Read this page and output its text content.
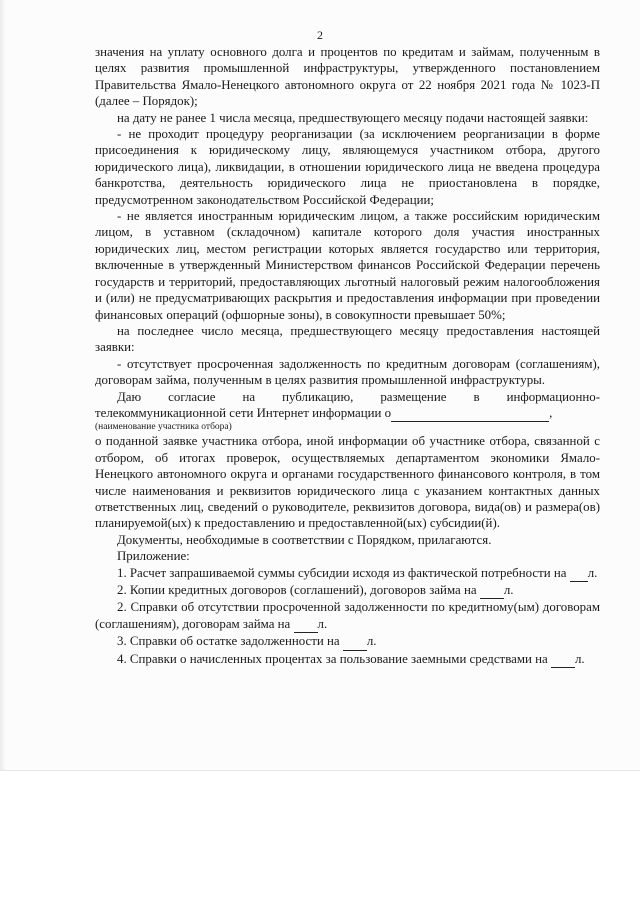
2

значения на уплату основного долга и процентов по кредитам и займам, полученным в целях развития промышленной инфраструктуры, утвержденного постановлением Правительства Ямало-Ненецкого автономного округа от 22 ноября 2021 года № 1023-П (далее – Порядок);

на дату не ранее 1 числа месяца, предшествующего месяцу подачи настоящей заявки:

- не проходит процедуру реорганизации (за исключением реорганизации в форме присоединения к юридическому лицу, являющемуся участником отбора, другого юридического лица), ликвидации, в отношении юридического лица не введена процедура банкротства, деятельность юридического лица не приостановлена в порядке, предусмотренном законодательством Российской Федерации;

- не является иностранным юридическим лицом, а также российским юридическим лицом, в уставном (складочном) капитале которого доля участия иностранных юридических лиц, местом регистрации которых является государство или территория, включенные в утвержденный Министерством финансов Российской Федерации перечень государств и территорий, предоставляющих льготный налоговый режим налогообложения и (или) не предусматривающих раскрытия и предоставления информации при проведении финансовых операций (офшорные зоны), в совокупности превышает 50%;

на последнее число месяца, предшествующего месяцу предоставления настоящей заявки:

- отсутствует просроченная задолженность по кредитным договорам (соглашениям), договорам займа, полученным в целях развития промышленной инфраструктуры.

Даю согласие на публикацию, размещение в информационно-

телекоммуникационной сети Интернет информации о	,

(наименование участника отбора)

о поданной заявке участника отбора, иной информации об участнике отбора, связанной с отбором, об итогах проверок, осуществляемых департаментом экономики Ямало-Ненецкого автономного округа и органами государственного финансового контроля, в том числе наименования и реквизитов юридического лица с указанием контактных данных ответственных лиц, сведений о руководителе, реквизитов договора, вида(ов) и размера(ов) планируемой(ых) к предоставлению и предоставленной(ых) субсидии(й).

Документы, необходимые в соответствии с Порядком, прилагаются.

Приложение:

1. Расчет запрашиваемой суммы субсидии исходя из фактической потребности на л.

2. Копии кредитных договоров (соглашений), договоров займа на л.

2. Справки об отсутствии просроченной задолженности по кредитному(ым) договорам (соглашениям), договорам займа на л.

3. Справки об остатке задолженности на л.

4. Справки о начисленных процентах за пользование заемными средствами на л.
